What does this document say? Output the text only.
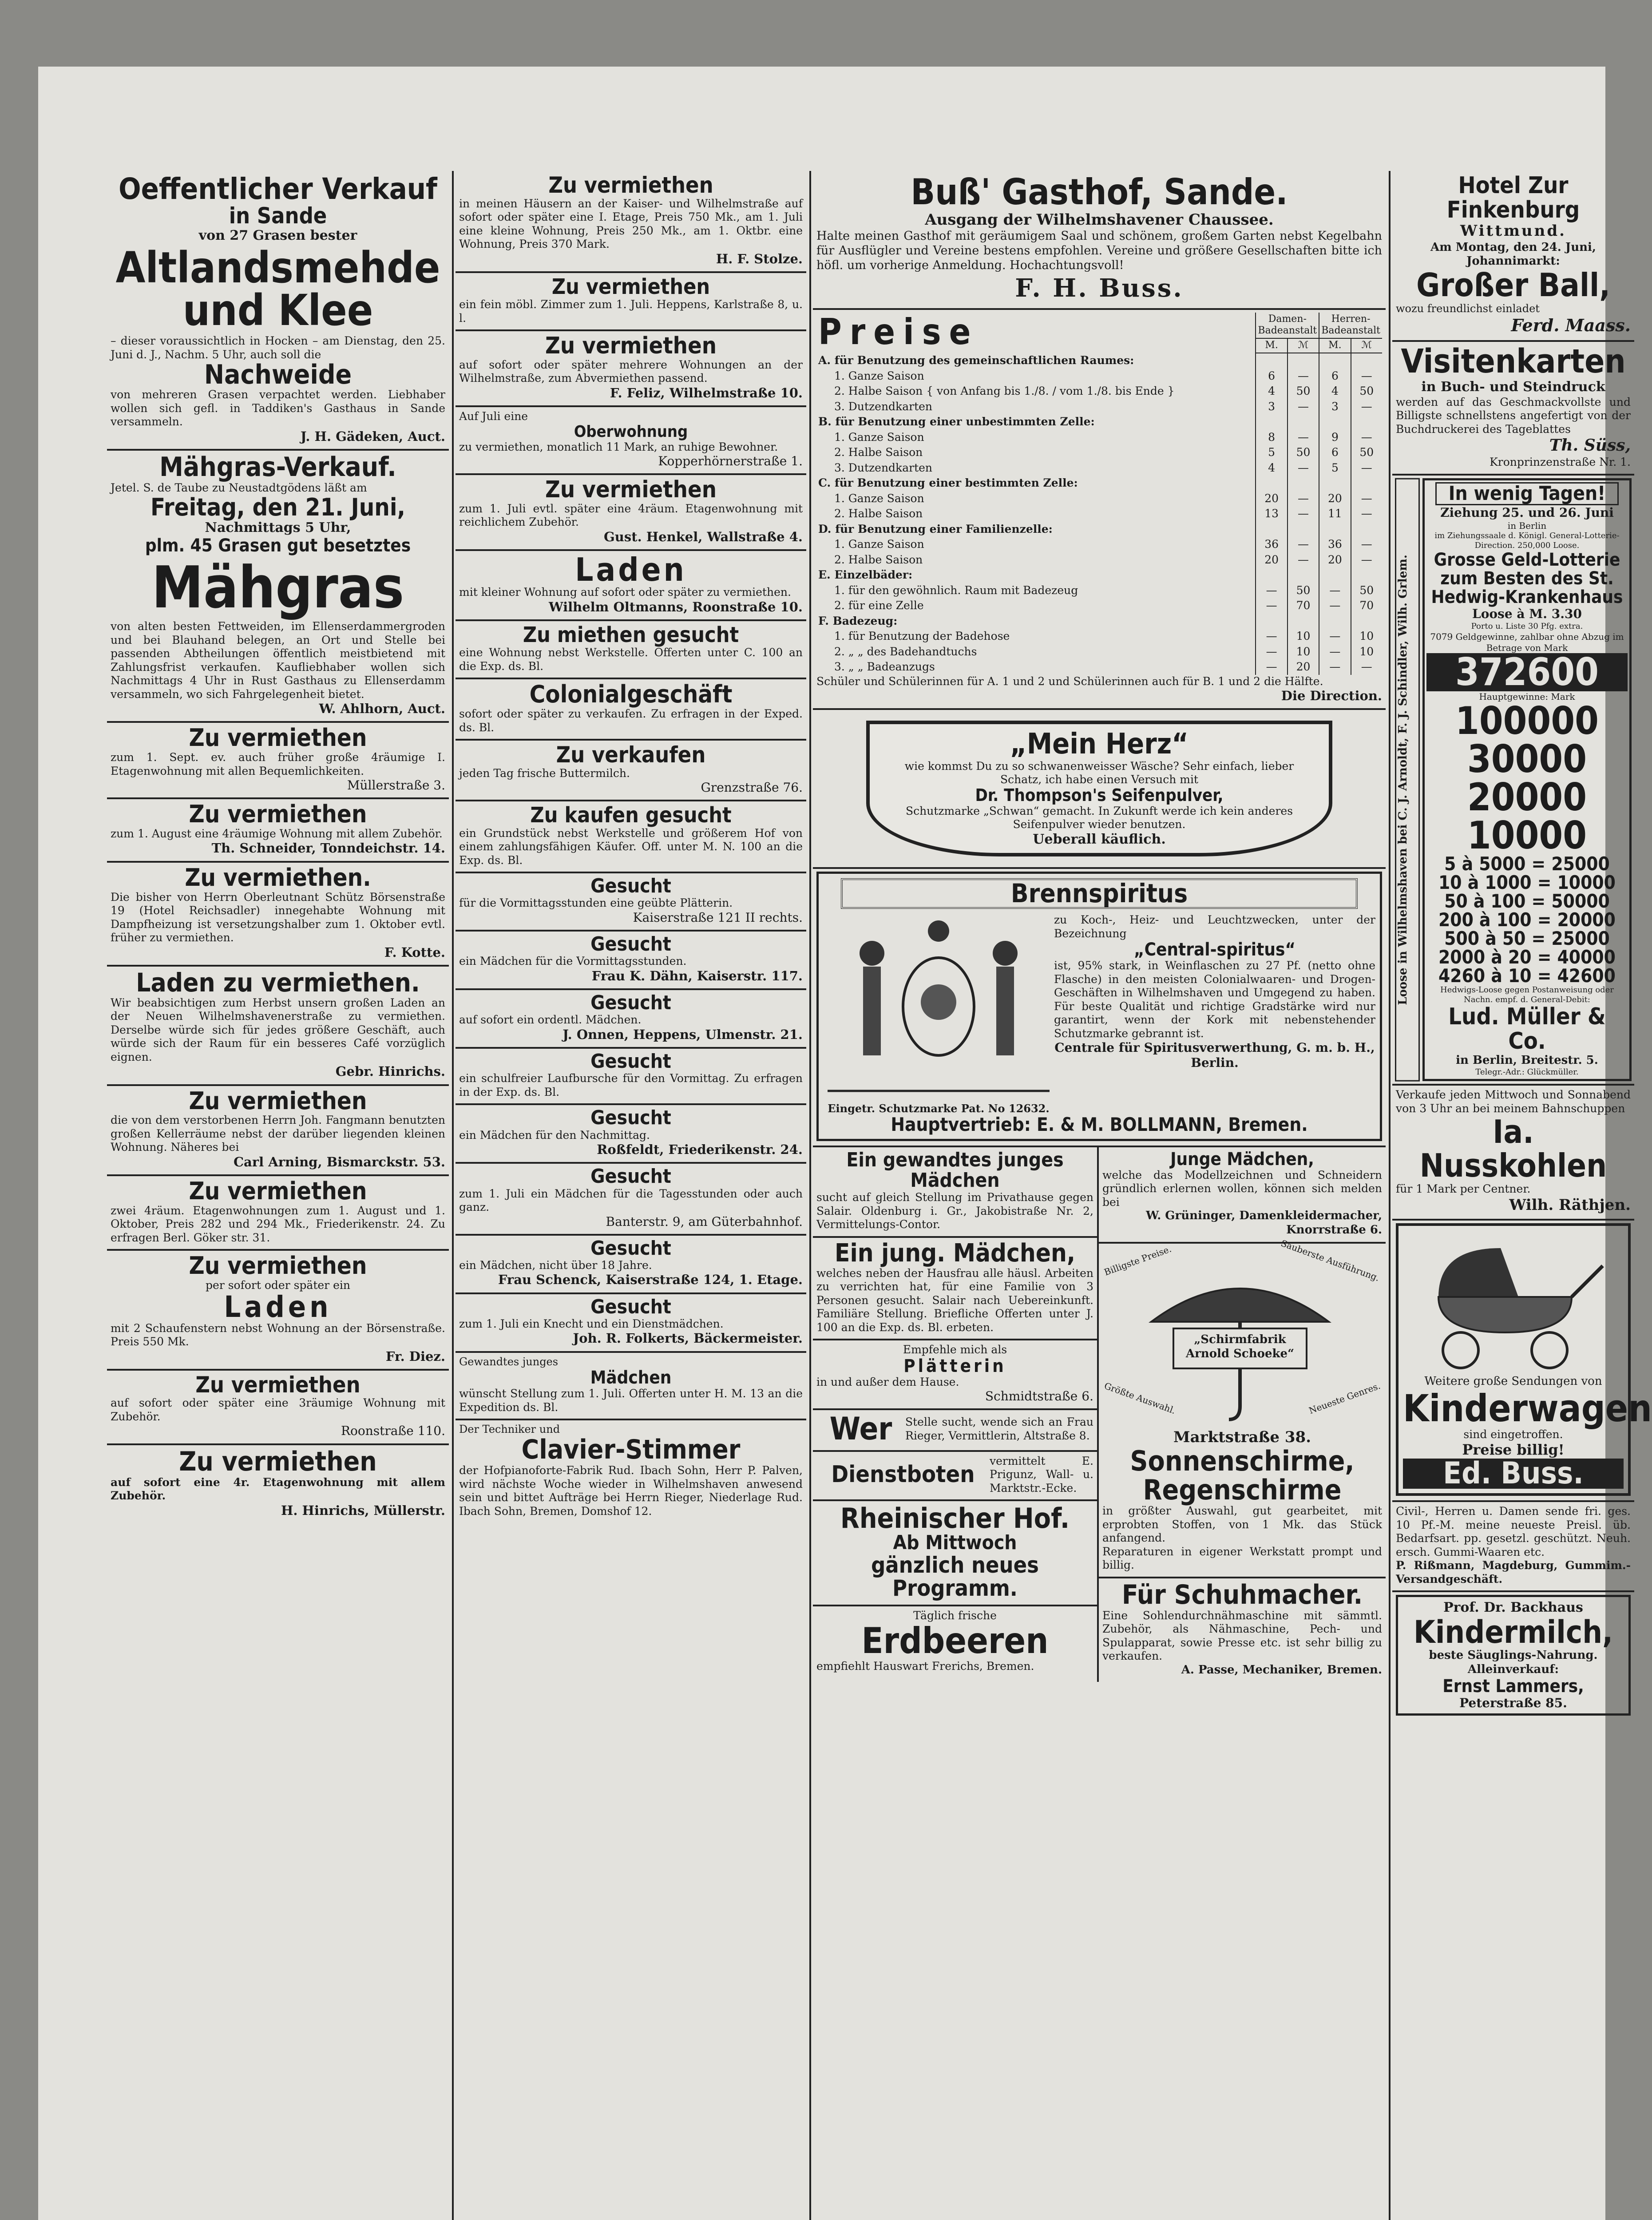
Oeffentlicher Verkauf
in Sande
von 27 Grasen bester
Altlandsmehde und Klee
– dieser voraussichtlich in Hocken – am Dienstag, den 25. Juni d. J., Nachm. 5 Uhr, auch soll die
Nachweide
von mehreren Grasen verpachtet werden. Liebhaber wollen sich gefl. in Taddiken's Gasthaus in Sande versammeln.
J. H. Gädeken, Auct.
Mähgras-Verkauf.
Jetel. S. de Taube zu Neustadtgödens läßt am
Freitag, den 21. Juni,
Nachmittags 5 Uhr,
plm. 45 Grasen gut besetztes
Mähgras
von alten besten Fettweiden, im Ellenserdammergroden und bei Blauhand belegen, an Ort und Stelle bei passenden Abtheilungen öffentlich meistbietend mit Zahlungsfrist verkaufen. Kaufliebhaber wollen sich Nachmittags 4 Uhr in Rust Gasthaus zu Ellenserdamm versammeln, wo sich Fahrgelegenheit bietet.
W. Ahlhorn, Auct.
Zu vermiethen
zum 1. Sept. ev. auch früher große 4räumige I. Etagenwohnung mit allen Bequemlichkeiten.
Müllerstraße 3.
Zu vermiethen
zum 1. August eine 4räumige Wohnung mit allem Zubehör.
Th. Schneider, Tonndeichstr. 14.
Zu vermiethen.
Die bisher von Herrn Oberleutnant Schütz Börsenstraße 19 (Hotel Reichsadler) innegehabte Wohnung mit Dampfheizung ist versetzungshalber zum 1. Oktober evtl. früher zu vermiethen.
F. Kotte.
Laden zu vermiethen.
Wir beabsichtigen zum Herbst unsern großen Laden an der Neuen Wilhelmshavenerstraße zu vermiethen. Derselbe würde sich für jedes größere Geschäft, auch würde sich der Raum für ein besseres Café vorzüglich eignen.
Gebr. Hinrichs.
Zu vermiethen
die von dem verstorbenen Herrn Joh. Fangmann benutzten großen Kellerräume nebst der darüber liegenden kleinen Wohnung. Näheres bei
Carl Arning, Bismarckstr. 53.
Zu vermiethen
zwei 4räum. Etagenwohnungen zum 1. August und 1. Oktober, Preis 282 und 294 Mk., Friederikenstr. 24. Zu erfragen Berl. Göker str. 31.
Zu vermiethen
per sofort oder später ein
Laden
mit 2 Schaufenstern nebst Wohnung an der Börsenstraße. Preis 550 Mk.
Fr. Diez.
Zu vermiethen
auf sofort oder später eine 3räumige Wohnung mit Zubehör.
Roonstraße 110.
Zu vermiethen
auf sofort eine 4r. Etagenwohnung mit allem Zubehör.
H. Hinrichs, Müllerstr.
Zu vermiethen
in meinen Häusern an der Kaiser- und Wilhelmstraße auf sofort oder später eine I. Etage, Preis 750 Mk., am 1. Juli eine kleine Wohnung, Preis 250 Mk., am 1. Oktbr. eine Wohnung, Preis 370 Mark.
H. F. Stolze.
Zu vermiethen
ein fein möbl. Zimmer zum 1. Juli. Heppens, Karlstraße 8, u. l.
Zu vermiethen
auf sofort oder später mehrere Wohnungen an der Wilhelmstraße, zum Abvermiethen passend.
F. Feliz, Wilhelmstraße 10.
Auf Juli eine
Oberwohnung
zu vermiethen, monatlich 11 Mark, an ruhige Bewohner.
Kopperhörnerstraße 1.
Zu vermiethen
zum 1. Juli evtl. später eine 4räum. Etagenwohnung mit reichlichem Zubehör.
Gust. Henkel, Wallstraße 4.
Laden
mit kleiner Wohnung auf sofort oder später zu vermiethen.
Wilhelm Oltmanns, Roonstraße 10.
Zu miethen gesucht
eine Wohnung nebst Werkstelle. Offerten unter C. 100 an die Exp. ds. Bl.
Colonialgeschäft
sofort oder später zu verkaufen. Zu erfragen in der Exped. ds. Bl.
Zu verkaufen
jeden Tag frische Buttermilch.
Grenzstraße 76.
Zu kaufen gesucht
ein Grundstück nebst Werkstelle und größerem Hof von einem zahlungsfähigen Käufer. Off. unter M. N. 100 an die Exp. ds. Bl.
Gesucht
für die Vormittagsstunden eine geübte Plätterin.
Kaiserstraße 121 II rechts.
Gesucht
ein Mädchen für die Vormittagsstunden.
Frau K. Dähn, Kaiserstr. 117.
Gesucht
auf sofort ein ordentl. Mädchen.
J. Onnen, Heppens, Ulmenstr. 21.
Gesucht
ein schulfreier Laufbursche für den Vormittag. Zu erfragen in der Exp. ds. Bl.
Gesucht
ein Mädchen für den Nachmittag.
Roßfeldt, Friederikenstr. 24.
Gesucht
zum 1. Juli ein Mädchen für die Tagesstunden oder auch ganz.
Banterstr. 9, am Güterbahnhof.
Gesucht
ein Mädchen, nicht über 18 Jahre.
Frau Schenck, Kaiserstraße 124, 1. Etage.
Gesucht
zum 1. Juli ein Knecht und ein Dienstmädchen.
Joh. R. Folkerts, Bäckermeister.
Gewandtes junges
Mädchen
wünscht Stellung zum 1. Juli. Offerten unter H. M. 13 an die Expedition ds. Bl.
Der Techniker und
Clavier-Stimmer
der Hofpianoforte-Fabrik Rud. Ibach Sohn, Herr P. Palven, wird nächste Woche wieder in Wilhelmshaven anwesend sein und bittet Aufträge bei Herrn Rieger, Niederlage Rud. Ibach Sohn, Bremen, Domshof 12.
Buß' Gasthof, Sande.
Ausgang der Wilhelmshavener Chaussee.
Halte meinen Gasthof mit geräumigem Saal und schönem, großem Garten nebst Kegelbahn für Ausflügler und Vereine bestens empfohlen. Vereine und größere Gesellschaften bitte ich höfl. um vorherige Anmeldung. Hochachtungsvoll!
F. H. Buss.
Preise	Damen-Badeanstalt		Herren-Badeanstalt	
	M.	ℳ	M.	ℳ
A. für Benutzung des gemeinschaftlichen Raumes:				
1. Ganze Saison	6	—	6	—
2. Halbe Saison { von Anfang bis 1./8. / vom 1./8. bis Ende }	4	50	4	50
3. Dutzendkarten	3	—	3	—
B. für Benutzung einer unbestimmten Zelle:				
1. Ganze Saison	8	—	9	—
2. Halbe Saison	5	50	6	50
3. Dutzendkarten	4	—	5	—
C. für Benutzung einer bestimmten Zelle:				
1. Ganze Saison	20	—	20	—
2. Halbe Saison	13	—	11	—
D. für Benutzung einer Familienzelle:				
1. Ganze Saison	36	—	36	—
2. Halbe Saison	20	—	20	—
E. Einzelbäder:				
1. für den gewöhnlich. Raum mit Badezeug	—	50	—	50
2. für eine Zelle	—	70	—	70
F. Badezeug:				
1. für Benutzung der Badehose	—	10	—	10
2. „ „ des Badehandtuchs	—	10	—	10
3. „ „ Badeanzugs	—	20	—	—
Schüler und Schülerinnen für A. 1 und 2 und Schülerinnen auch für B. 1 und 2 die Hälfte.
Die Direction.
„Mein Herz“
wie kommst Du zu so schwanenweisser Wäsche? Sehr einfach, lieber Schatz, ich habe einen Versuch mit
Dr. Thompson's Seifenpulver,
Schutzmarke „Schwan“ gemacht. In Zukunft werde ich kein anderes Seifenpulver wieder benutzen.
Ueberall käuflich.
Brennspiritus
Eingetr. Schutzmarke Pat. No 12632.
zu Koch-, Heiz- und Leuchtzwecken, unter der Bezeichnung
„Central-spiritus“
ist, 95% stark, in Weinflaschen zu 27 Pf. (netto ohne Flasche) in den meisten Colonialwaaren- und Drogen-Geschäften in Wilhelmshaven und Umgegend zu haben. Für beste Qualität und richtige Gradstärke wird nur garantirt, wenn der Kork mit nebenstehender Schutzmarke gebrannt ist.
Centrale für Spiritusverwerthung, G. m. b. H., Berlin.
Hauptvertrieb: E. & M. BOLLMANN, Bremen.
Ein gewandtes junges Mädchen
sucht auf gleich Stellung im Privathause gegen Salair. Oldenburg i. Gr., Jakobistraße Nr. 2, Vermittelungs-Contor.
Ein jung. Mädchen,
welches neben der Hausfrau alle häusl. Arbeiten zu verrichten hat, für eine Familie von 3 Personen gesucht. Salair nach Uebereinkunft. Familiäre Stellung. Briefliche Offerten unter J. 100 an die Exp. ds. Bl. erbeten.
Empfehle mich als
Plätterin
in und außer dem Hause.
Schmidtstraße 6.
Wer	Stelle sucht, wende sich an Frau Rieger, Vermittlerin, Altstraße 8.
Dienstboten
vermittelt E. Prigunz, Wall- u. Marktstr.-Ecke.
Rheinischer Hof.
Ab Mittwoch
gänzlich neues Programm.
Täglich frische
Erdbeeren
empfiehlt Hauswart Frerichs, Bremen.
Junge Mädchen,
welche das Modellzeichnen und Schneidern gründlich erlernen wollen, können sich melden bei
W. Grüninger, Damenkleidermacher, Knorrstraße 6.
Billigste Preise.	Sauberste Ausführung.
Größte Auswahl.	Neueste Genres.
„Schirmfabrik Arnold Schoeke“
Marktstraße 38.
Sonnenschirme,
Regenschirme
in größter Auswahl, gut gearbeitet, mit erprobten Stoffen, von 1 Mk. das Stück anfangend.
Reparaturen in eigener Werkstatt prompt und billig.
Für Schuhmacher.
Eine Sohlendurchnähmaschine mit sämmtl. Zubehör, als Nähmaschine, Pech- und Spulapparat, sowie Presse etc. ist sehr billig zu verkaufen.
A. Passe, Mechaniker, Bremen.
Hotel Zur Finkenburg
Wittmund.
Am Montag, den 24. Juni, Johannimarkt:
Großer Ball,
wozu freundlichst einladet
Ferd. Maass.
Visitenkarten
in Buch- und Steindruck
werden auf das Geschmackvollste und Billigste schnellstens angefertigt von der Buchdruckerei des Tageblattes
Th. Süss,
Kronprinzenstraße Nr. 1.
Loose in Wilhelmshaven bei C. J. Arnoldt, F. J. Schindler, Wilh. Grlem.
In wenig Tagen!
Ziehung 25. und 26. Juni
in Berlin
im Ziehungssaale d. Königl. General-Lotterie-Direction. 250,000 Loose.
Grosse Geld-Lotterie zum Besten des St. Hedwig-Krankenhaus
Loose à M. 3.30
Porto u. Liste 30 Pfg. extra.
7079 Geldgewinne, zahlbar ohne Abzug im Betrage von Mark
372600
Hauptgewinne: Mark
100000
30000
20000
10000
5 à 5000 = 25000
10 à 1000 = 10000
50 à 100 = 50000
200 à 100 = 20000
500 à 50 = 25000
2000 à 20 = 40000
4260 à 10 = 42600
Hedwigs-Loose gegen Postanweisung oder Nachn. empf. d. General-Debit:
Lud. Müller & Co.
in Berlin, Breitestr. 5.
Telegr.-Adr.: Glückmüller.
Verkaufe jeden Mittwoch und Sonnabend von 3 Uhr an bei meinem Bahnschuppen
Ia. Nusskohlen
für 1 Mark per Centner.
Wilh. Räthjen.
Weitere große Sendungen von
Kinderwagen
sind eingetroffen.
Preise billig!
Ed. Buss.
Civil-, Herren u. Damen sende fri. ges. 10 Pf.-M. meine neueste Preisl. üb. Bedarfsart. pp. gesetzl. geschützt. Neuh. ersch. Gummi-Waaren etc.
P. Rißmann, Magdeburg, Gummim.-Versandgeschäft.
Prof. Dr. Backhaus
Kindermilch,
beste Säuglings-Nahrung. Alleinverkauf:
Ernst Lammers,
Peterstraße 85.
